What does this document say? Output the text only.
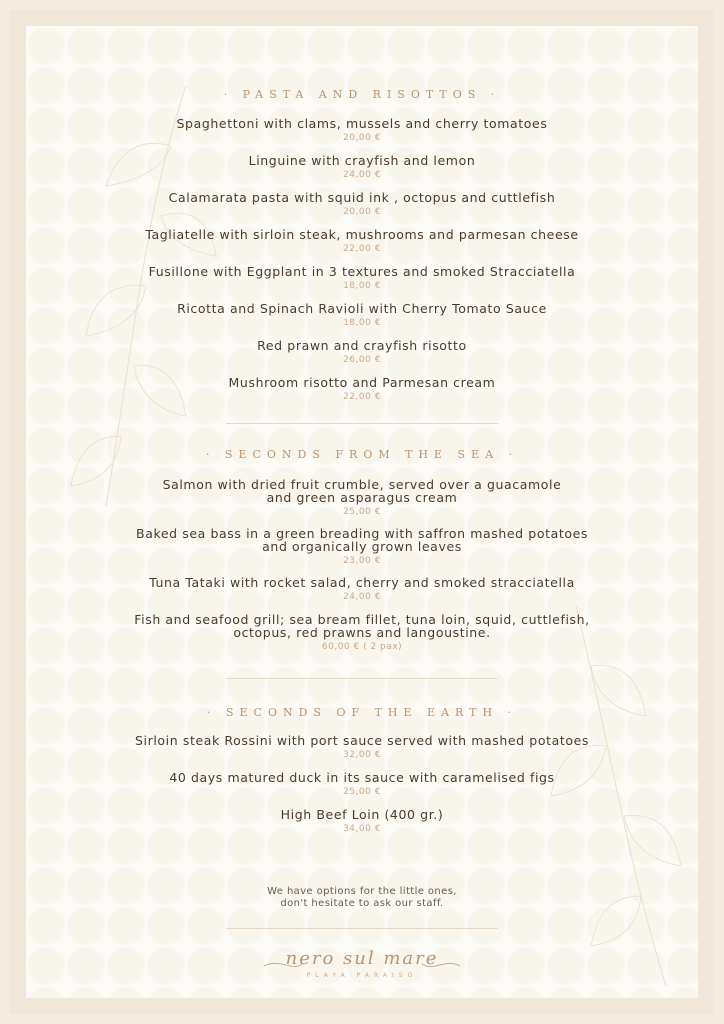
· PASTA AND RISOTTOS ·
Spaghettoni with clams, mussels and cherry tomatoes
20,00 €
Linguine with crayfish and lemon
24,00 €
Calamarata pasta with squid ink , octopus and cuttlefish
20,00 €
Tagliatelle with sirloin steak, mushrooms and parmesan cheese
22,00 €
Fusillone with Eggplant in 3 textures and smoked Stracciatella
18,00 €
Ricotta and Spinach Ravioli with Cherry Tomato Sauce
18,00 €
Red prawn and crayfish risotto
26,00 €
Mushroom risotto and Parmesan cream
22,00 €
· SECONDS FROM THE SEA ·
Salmon with dried fruit crumble, served over a guacamole
and green asparagus cream
25,00 €
Baked sea bass in a green breading with saffron mashed potatoes
and organically grown leaves
23,00 €
Tuna Tataki with rocket salad, cherry and smoked stracciatella
24,00 €
Fish and seafood grill; sea bream fillet, tuna loin, squid, cuttlefish,
octopus, red prawns and langoustine.
60,00 € ( 2 pax)
· SECONDS OF THE EARTH ·
Sirloin steak Rossini with port sauce served with mashed potatoes
32,00 €
40 days matured duck in its sauce with caramelised figs
25,00 €
High Beef Loin (400 gr.)
34,00 €
We have options for the little ones,
don't hesitate to ask our staff.
nero sul mare
PLAYA PARAISO
